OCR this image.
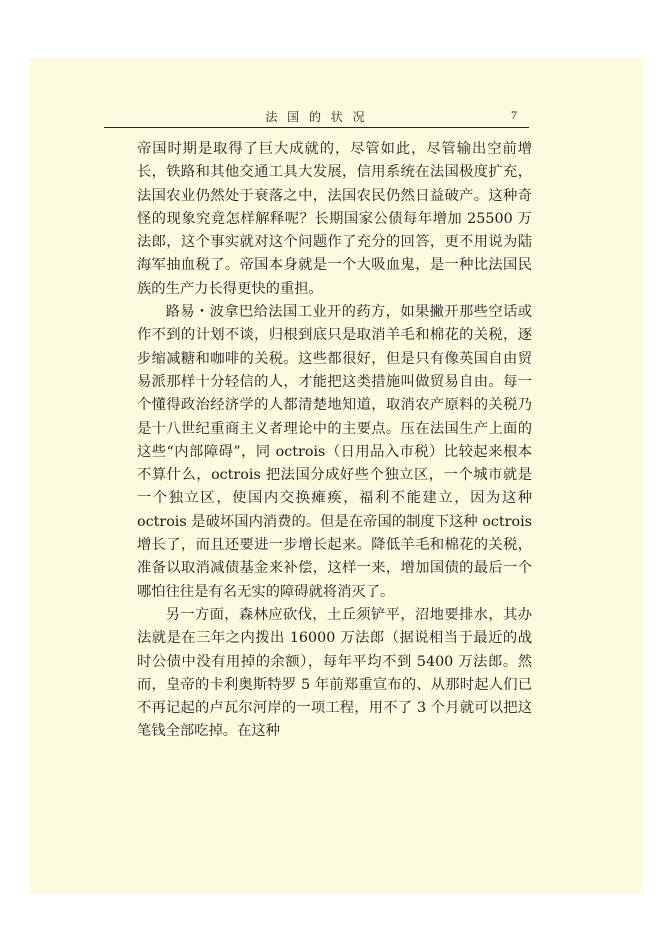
法 国 的 状 况	7

帝国时期是取得了巨大成就的，尽管如此，尽管输出空前增长，铁路和其他交通工具大发展，信用系统在法国极度扩充，法国农业仍然处于衰落之中，法国农民仍然日益破产。这种奇怪的现象究竟怎样解释呢？长期国家公债每年增加 25500 万法郎，这个事实就对这个问题作了充分的回答，更不用说为陆海军抽血税了。帝国本身就是一个大吸血鬼，是一种比法国民族的生产力长得更快的重担。

路易・波拿巴给法国工业开的药方，如果撇开那些空话或作不到的计划不谈，归根到底只是取消羊毛和棉花的关税，逐步缩减糖和咖啡的关税。这些都很好，但是只有像英国自由贸易派那样十分轻信的人，才能把这类措施叫做贸易自由。每一个懂得政治经济学的人都清楚地知道，取消农产原料的关税乃是十八世纪重商主义者理论中的主要点。压在法国生产上面的这些“内部障碍”，同 octrois（日用品入市税）比较起来根本不算什么，octrois 把法国分成好些个独立区，一个城市就是一个独立区，使国内交换瘫痪，福利不能建立，因为这种 octrois 是破坏国内消费的。但是在帝国的制度下这种 octrois 增长了，而且还要进一步增长起来。降低羊毛和棉花的关税，准备以取消减债基金来补偿，这样一来，增加国债的最后一个哪怕往往是有名无实的障碍就将消灭了。

另一方面，森林应砍伐，土丘须铲平，沼地要排水，其办法就是在三年之内拨出 16000 万法郎（据说相当于最近的战时公债中没有用掉的余额），每年平均不到 5400 万法郎。然而，皇帝的卡利奥斯特罗 5 年前郑重宣布的、从那时起人们已不再记起的卢瓦尔河岸的一项工程，用不了 3 个月就可以把这笔钱全部吃掉。在这种
